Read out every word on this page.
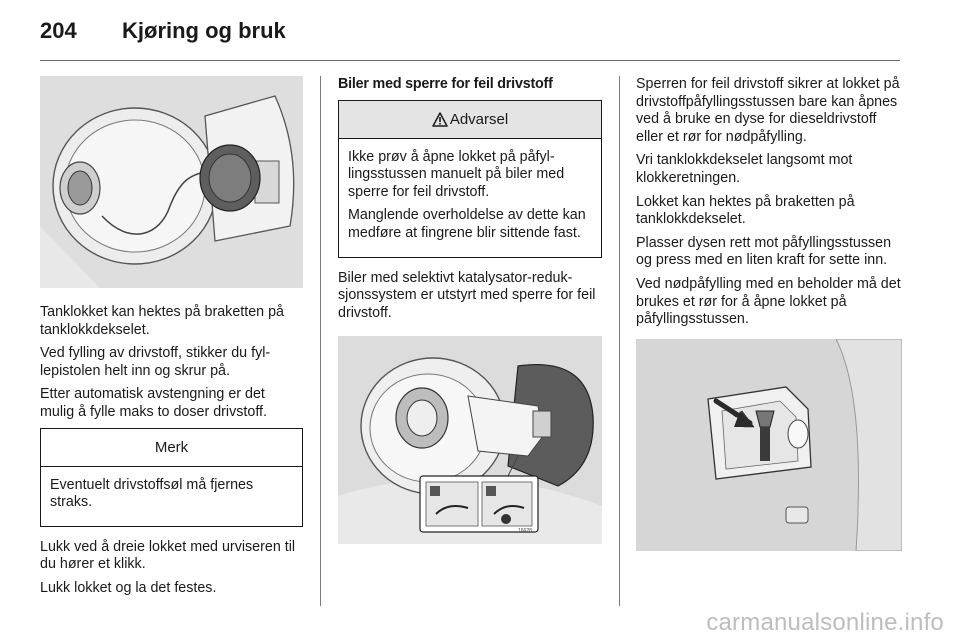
204	Kjøring og bruk

Tanklokket kan hektes på braketten på tanklokkdekselet.

Ved fylling av drivstoff, stikker du fyllepistolen helt inn og skrur på.

Etter automatisk avstengning er det mulig å fylle maks to doser drivstoff.

Merk

Eventuelt drivstoffsøl må fjernes straks.

Lukk ved å dreie lokket med urviseren til du hører et klikk.

Lukk lokket og la det festes.

Biler med sperre for feil drivstoff
Advarsel

Ikke prøv å åpne lokket på påfyllingsstussen manuelt på biler med sperre for feil drivstoff.

Manglende overholdelse av dette kan medføre at fingrene blir sittende fast.

Biler med selektivt katalysator-reduksjonssystem er utstyrt med sperre for feil drivstoff.

16628

Sperren for feil drivstoff sikrer at lokket på drivstoffpåfyllingsstussen bare kan åpnes ved å bruke en dyse for dieseldrivstoff eller et rør for nødpåfylling.

Vri tanklokkdekselet langsomt mot klokkeretningen.

Lokket kan hektes på braketten på tanklokkdekselet.

Plasser dysen rett mot påfyllingsstussen og press med en liten kraft for sette inn.

Ved nødpåfylling med en beholder må det brukes et rør for å åpne lokket på påfyllingsstussen.

carmanualsonline.info
